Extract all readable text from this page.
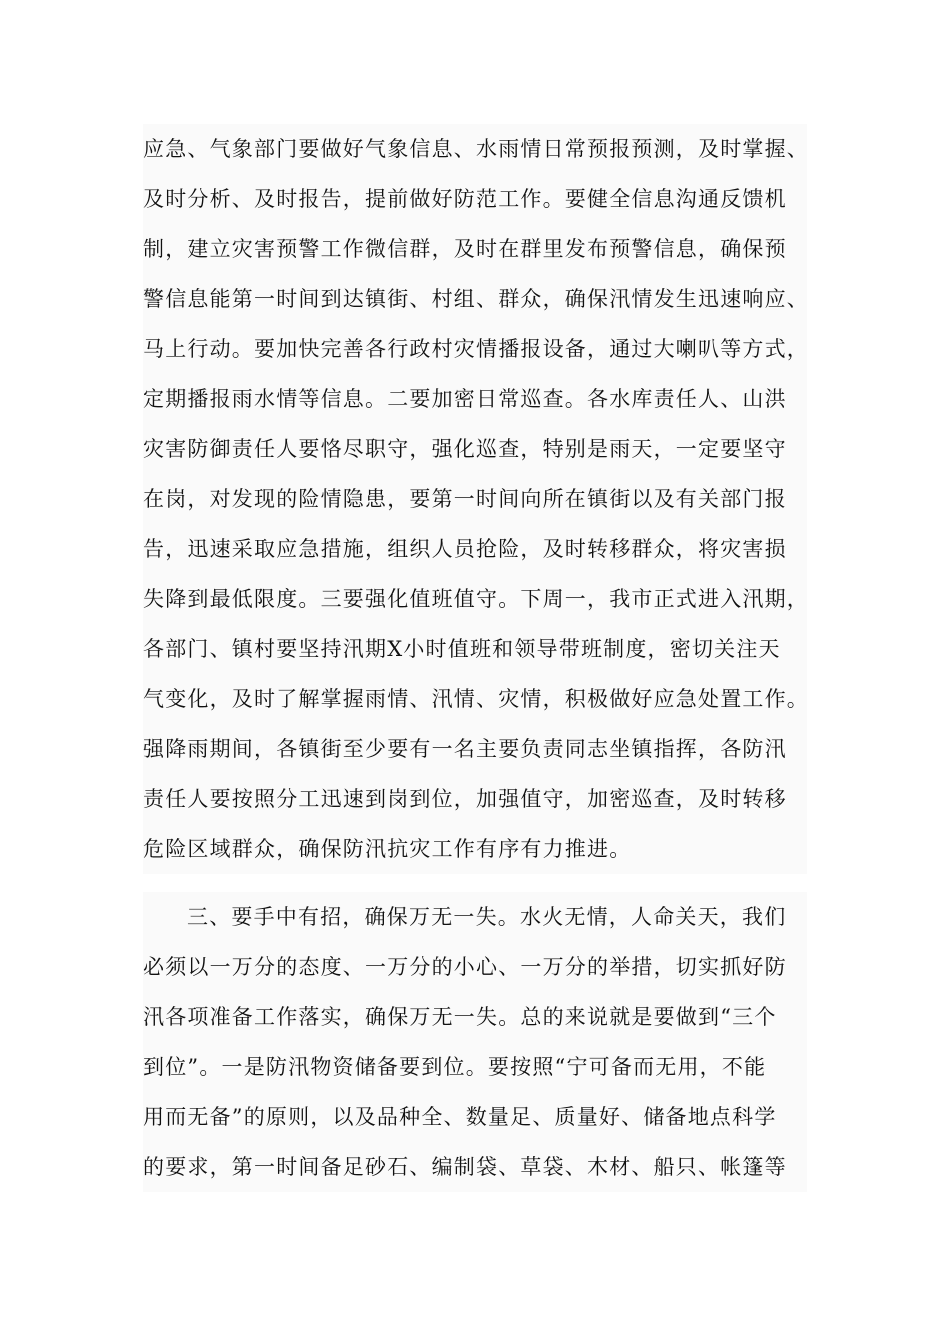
应急、气象部门要做好气象信息、水雨情日常预报预测，及时掌握、
及时分析、及时报告，提前做好防范工作。要健全信息沟通反馈机
制，建立灾害预警工作微信群，及时在群里发布预警信息，确保预
警信息能第一时间到达镇街、村组、群众，确保汛情发生迅速响应、
马上行动。要加快完善各行政村灾情播报设备，通过大喇叭等方式，
定期播报雨水情等信息。二要加密日常巡查。各水库责任人、山洪
灾害防御责任人要恪尽职守，强化巡查，特别是雨天，一定要坚守
在岗，对发现的险情隐患，要第一时间向所在镇街以及有关部门报
告，迅速采取应急措施，组织人员抢险，及时转移群众，将灾害损
失降到最低限度。三要强化值班值守。下周一，我市正式进入汛期，
各部门、镇村要坚持汛期X小时值班和领导带班制度，密切关注天
气变化，及时了解掌握雨情、汛情、灾情，积极做好应急处置工作。
强降雨期间，各镇街至少要有一名主要负责同志坐镇指挥，各防汛
责任人要按照分工迅速到岗到位，加强值守，加密巡查，及时转移
危险区域群众，确保防汛抗灾工作有序有力推进。
三、要手中有招，确保万无一失。水火无情，人命关天，我们
必须以一万分的态度、一万分的小心、一万分的举措，切实抓好防
汛各项准备工作落实，确保万无一失。总的来说就是要做到“三个
到位”。一是防汛物资储备要到位。要按照“宁可备而无用，不能
用而无备”的原则，以及品种全、数量足、质量好、储备地点科学
的要求，第一时间备足砂石、编制袋、草袋、木材、船只、帐篷等
